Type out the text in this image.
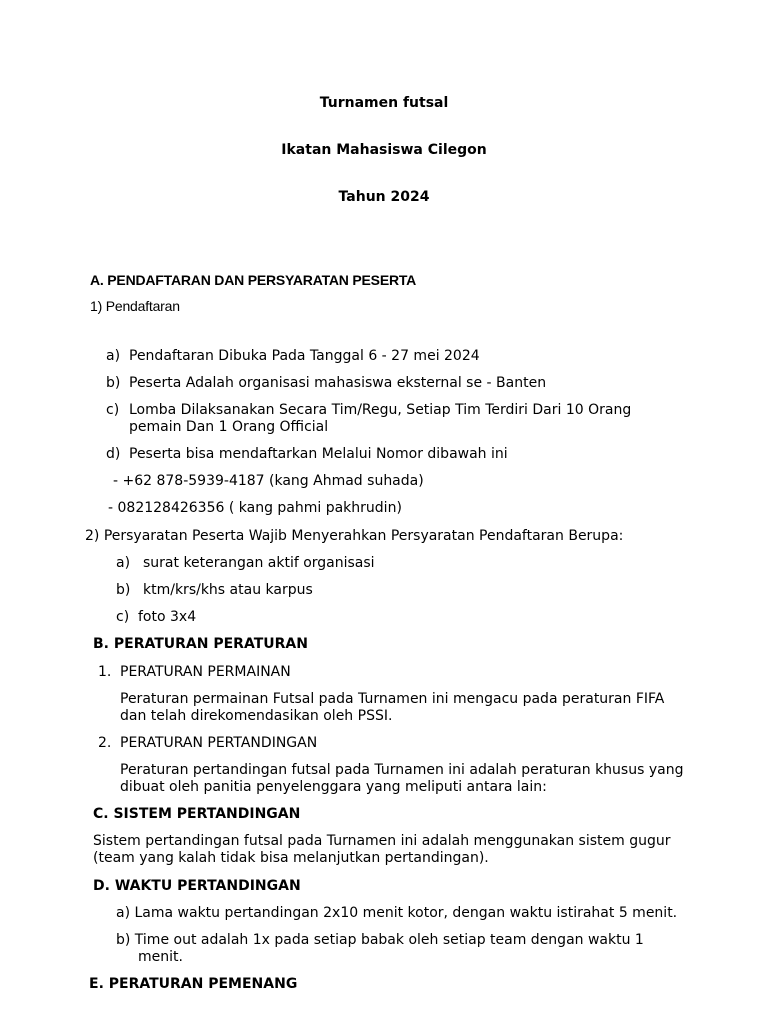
Turnamen futsal
Ikatan Mahasiswa Cilegon
Tahun 2024
A. PENDAFTARAN DAN PERSYARATAN PESERTA
1) Pendaftaran
a) Pendaftaran Dibuka Pada Tanggal 6 - 27 mei 2024
b) Peserta Adalah organisasi mahasiswa eksternal se - Banten
c) Lomba Dilaksanakan Secara Tim/Regu, Setiap Tim Terdiri Dari 10 Orang
pemain Dan 1 Orang Official
d) Peserta bisa mendaftarkan Melalui Nomor dibawah ini
- +62 878-5939-4187 (kang Ahmad suhada)
- 082128426356 ( kang pahmi pakhrudin)
2) Persyaratan Peserta Wajib Menyerahkan Persyaratan Pendaftaran Berupa:
a) surat keterangan aktif organisasi
b) ktm/krs/khs atau karpus
c) foto 3x4
B. PERATURAN PERATURAN
1. PERATURAN PERMAINAN
Peraturan permainan Futsal pada Turnamen ini mengacu pada peraturan FIFA
dan telah direkomendasikan oleh PSSI.
2. PERATURAN PERTANDINGAN
Peraturan pertandingan futsal pada Turnamen ini adalah peraturan khusus yang
dibuat oleh panitia penyelenggara yang meliputi antara lain:
C. SISTEM PERTANDINGAN
Sistem pertandingan futsal pada Turnamen ini adalah menggunakan sistem gugur
(team yang kalah tidak bisa melanjutkan pertandingan).
D. WAKTU PERTANDINGAN
a) Lama waktu pertandingan 2x10 menit kotor, dengan waktu istirahat 5 menit.
b) Time out adalah 1x pada setiap babak oleh setiap team dengan waktu 1
menit.
E. PERATURAN PEMENANG
